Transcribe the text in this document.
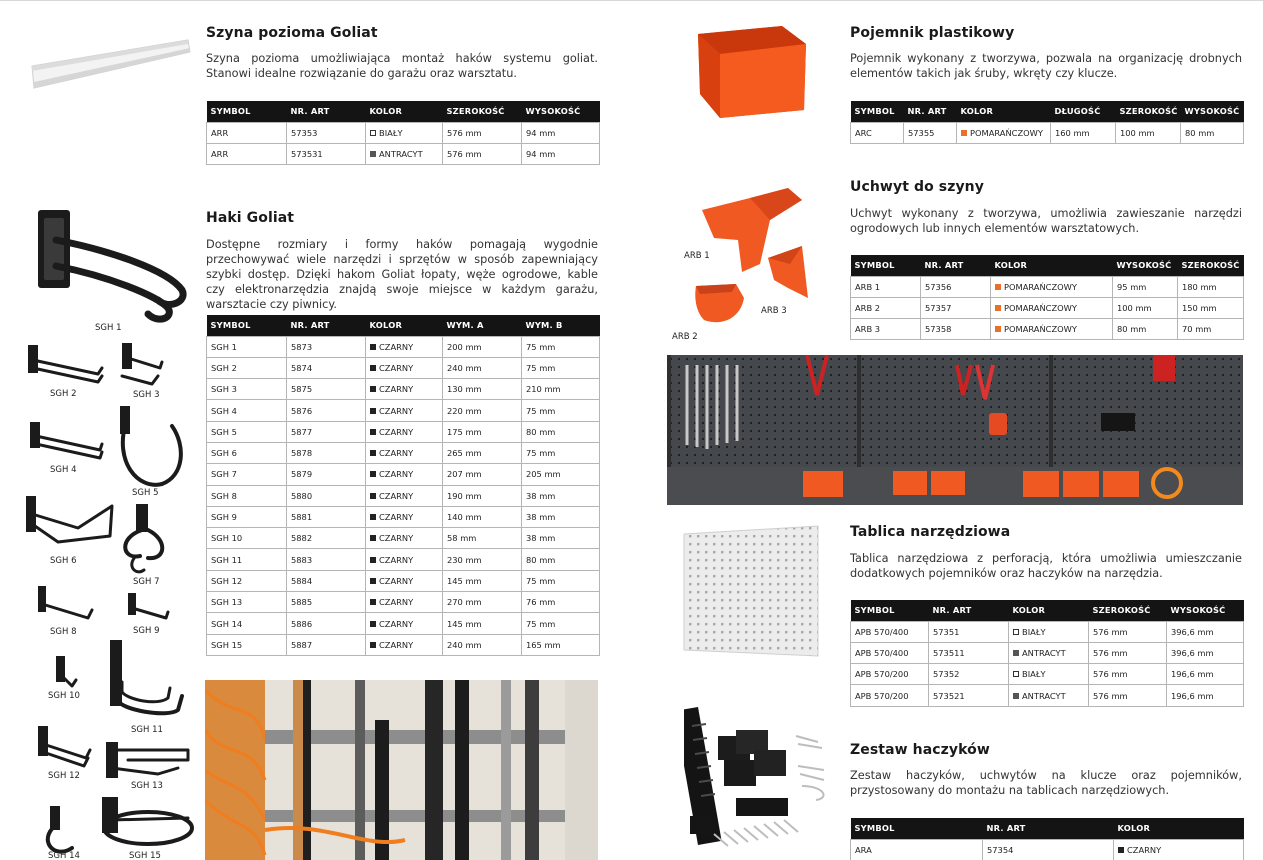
Szyna pozioma Goliat

Szyna pozioma umożliwiająca montaż haków systemu goliat. Stanowi idealne rozwiązanie do garażu oraz warsztatu.

SYMBOL	NR. ART	KOLOR	SZEROKOŚĆ	WYSOKOŚĆ
ARR	57353	BIAŁY	576 mm	94 mm
ARR	573531	ANTRACYT	576 mm	94 mm
SGH 1
SGH 2	SGH 3
SGH 4
SGH 5
SGH 6
SGH 7
SGH 8	SGH 9
SGH 10
SGH 11
SGH 12
SGH 13
SGH 14	SGH 15
Haki Goliat

Dostępne rozmiary i formy haków pomagają wygodnie przechowywać wiele narzędzi i sprzętów w sposób zapewniający szybki dostęp. Dzięki hakom Goliat łopaty, węże ogrodowe, kable czy elektronarzędzia znajdą swoje miejsce w każdym garażu, warsztacie czy piwnicy.

SYMBOL	NR. ART	KOLOR	WYM. A	WYM. B
SGH 1	5873	CZARNY	200 mm	75 mm
SGH 2	5874	CZARNY	240 mm	75 mm
SGH 3	5875	CZARNY	130 mm	210 mm
SGH 4	5876	CZARNY	220 mm	75 mm
SGH 5	5877	CZARNY	175 mm	80 mm
SGH 6	5878	CZARNY	265 mm	75 mm
SGH 7	5879	CZARNY	207 mm	205 mm
SGH 8	5880	CZARNY	190 mm	38 mm
SGH 9	5881	CZARNY	140 mm	38 mm
SGH 10	5882	CZARNY	58 mm	38 mm
SGH 11	5883	CZARNY	230 mm	80 mm
SGH 12	5884	CZARNY	145 mm	75 mm
SGH 13	5885	CZARNY	270 mm	76 mm
SGH 14	5886	CZARNY	145 mm	75 mm
SGH 15	5887	CZARNY	240 mm	165 mm
Pojemnik plastikowy

Pojemnik wykonany z tworzywa, pozwala na organizację drobnych elementów takich jak śruby, wkręty czy klucze.

SYMBOL	NR. ART	KOLOR	DŁUGOŚĆ	SZEROKOŚĆ	WYSOKOŚĆ
ARC	57355	POMARAŃCZOWY	160 mm	100 mm	80 mm
ARB 1
ARB 2
ARB 3
Uchwyt do szyny

Uchwyt wykonany z tworzywa, umożliwia zawieszanie narzędzi ogrodowych lub innych elementów warsztatowych.

SYMBOL	NR. ART	KOLOR	WYSOKOŚĆ	SZEROKOŚĆ
ARB 1	57356	POMARAŃCZOWY	95 mm	180 mm
ARB 2	57357	POMARAŃCZOWY	100 mm	150 mm
ARB 3	57358	POMARAŃCZOWY	80 mm	70 mm
Tablica narzędziowa

Tablica narzędziowa z perforacją, która umożliwia umieszczanie dodatkowych pojemników oraz haczyków na narzędzia.

SYMBOL	NR. ART	KOLOR	SZEROKOŚĆ	WYSOKOŚĆ
APB 570/400	57351	BIAŁY	576 mm	396,6 mm
APB 570/400	573511	ANTRACYT	576 mm	396,6 mm
APB 570/200	57352	BIAŁY	576 mm	196,6 mm
APB 570/200	573521	ANTRACYT	576 mm	196,6 mm
Zestaw haczyków

Zestaw haczyków, uchwytów na klucze oraz pojemników, przystosowany do montażu na tablicach narzędziowych.

SYMBOL	NR. ART	KOLOR
ARA	57354	CZARNY
